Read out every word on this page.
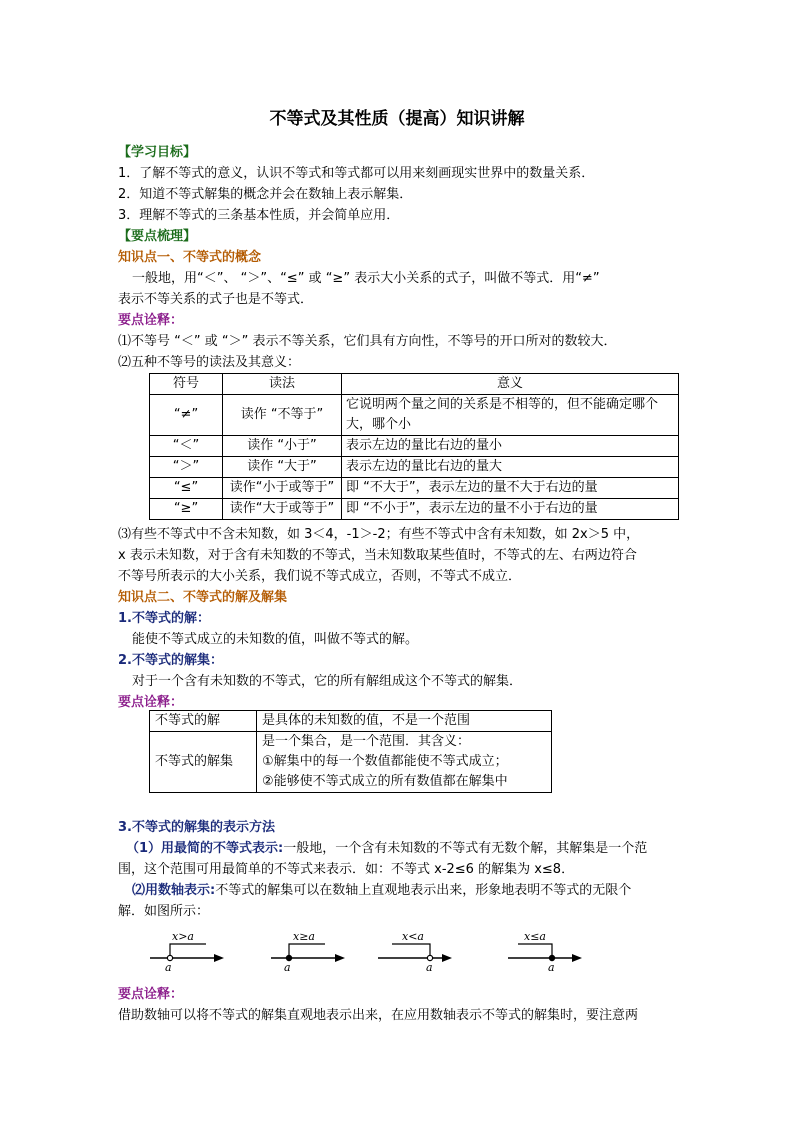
不等式及其性质（提高）知识讲解

【学习目标】

1．了解不等式的意义，认识不等式和等式都可以用来刻画现实世界中的数量关系．

2．知道不等式解集的概念并会在数轴上表示解集．

3．理解不等式的三条基本性质，并会简单应用．

【要点梳理】

知识点一、不等式的概念

一般地，用“＜”、 “＞”、“≤” 或 “≥” 表示大小关系的式子，叫做不等式．用“≠”

表示不等关系的式子也是不等式．

要点诠释：

⑴不等号 “＜” 或 “＞” 表示不等关系，它们具有方向性，不等号的开口所对的数较大．

⑵五种不等号的读法及其意义：

符号	读法	意义
“≠”	读作 “不等于”	它说明两个量之间的关系是不相等的，但不能确定哪个大，哪个小
“＜”	读作 “小于”	表示左边的量比右边的量小
“＞”	读作 “大于”	表示左边的量比右边的量大
“≤”	读作“小于或等于”	即 “不大于”，表示左边的量不大于右边的量
“≥”	读作“大于或等于”	即 “不小于”，表示左边的量不小于右边的量

⑶有些不等式中不含未知数，如 3＜4，-1＞-2；有些不等式中含有未知数，如 2x＞5 中，

x 表示未知数，对于含有未知数的不等式，当未知数取某些值时，不等式的左、右两边符合

不等号所表示的大小关系，我们说不等式成立，否则，不等式不成立．

知识点二、不等式的解及解集

1.不等式的解：

能使不等式成立的未知数的值，叫做不等式的解。

2.不等式的解集：

对于一个含有未知数的不等式，它的所有解组成这个不等式的解集．

要点诠释：

不等式的解	是具体的未知数的值，不是一个范围
不等式的解集	是一个集合，是一个范围．其含义：
①解集中的每一个数值都能使不等式成立；
②能够使不等式成立的所有数值都在解集中

3.不等式的解集的表示方法

（1）用最简的不等式表示:一般地，一个含有未知数的不等式有无数个解，其解集是一个范

围，这个范围可用最简单的不等式来表示．如：不等式 x-2≤6 的解集为 x≤8．

⑵用数轴表示:不等式的解集可以在数轴上直观地表示出来，形象地表明不等式的无限个

解．如图所示：

x>a
a
x≥a
a
x<a
a
x≤a
a

要点诠释：

借助数轴可以将不等式的解集直观地表示出来，在应用数轴表示不等式的解集时，要注意两
